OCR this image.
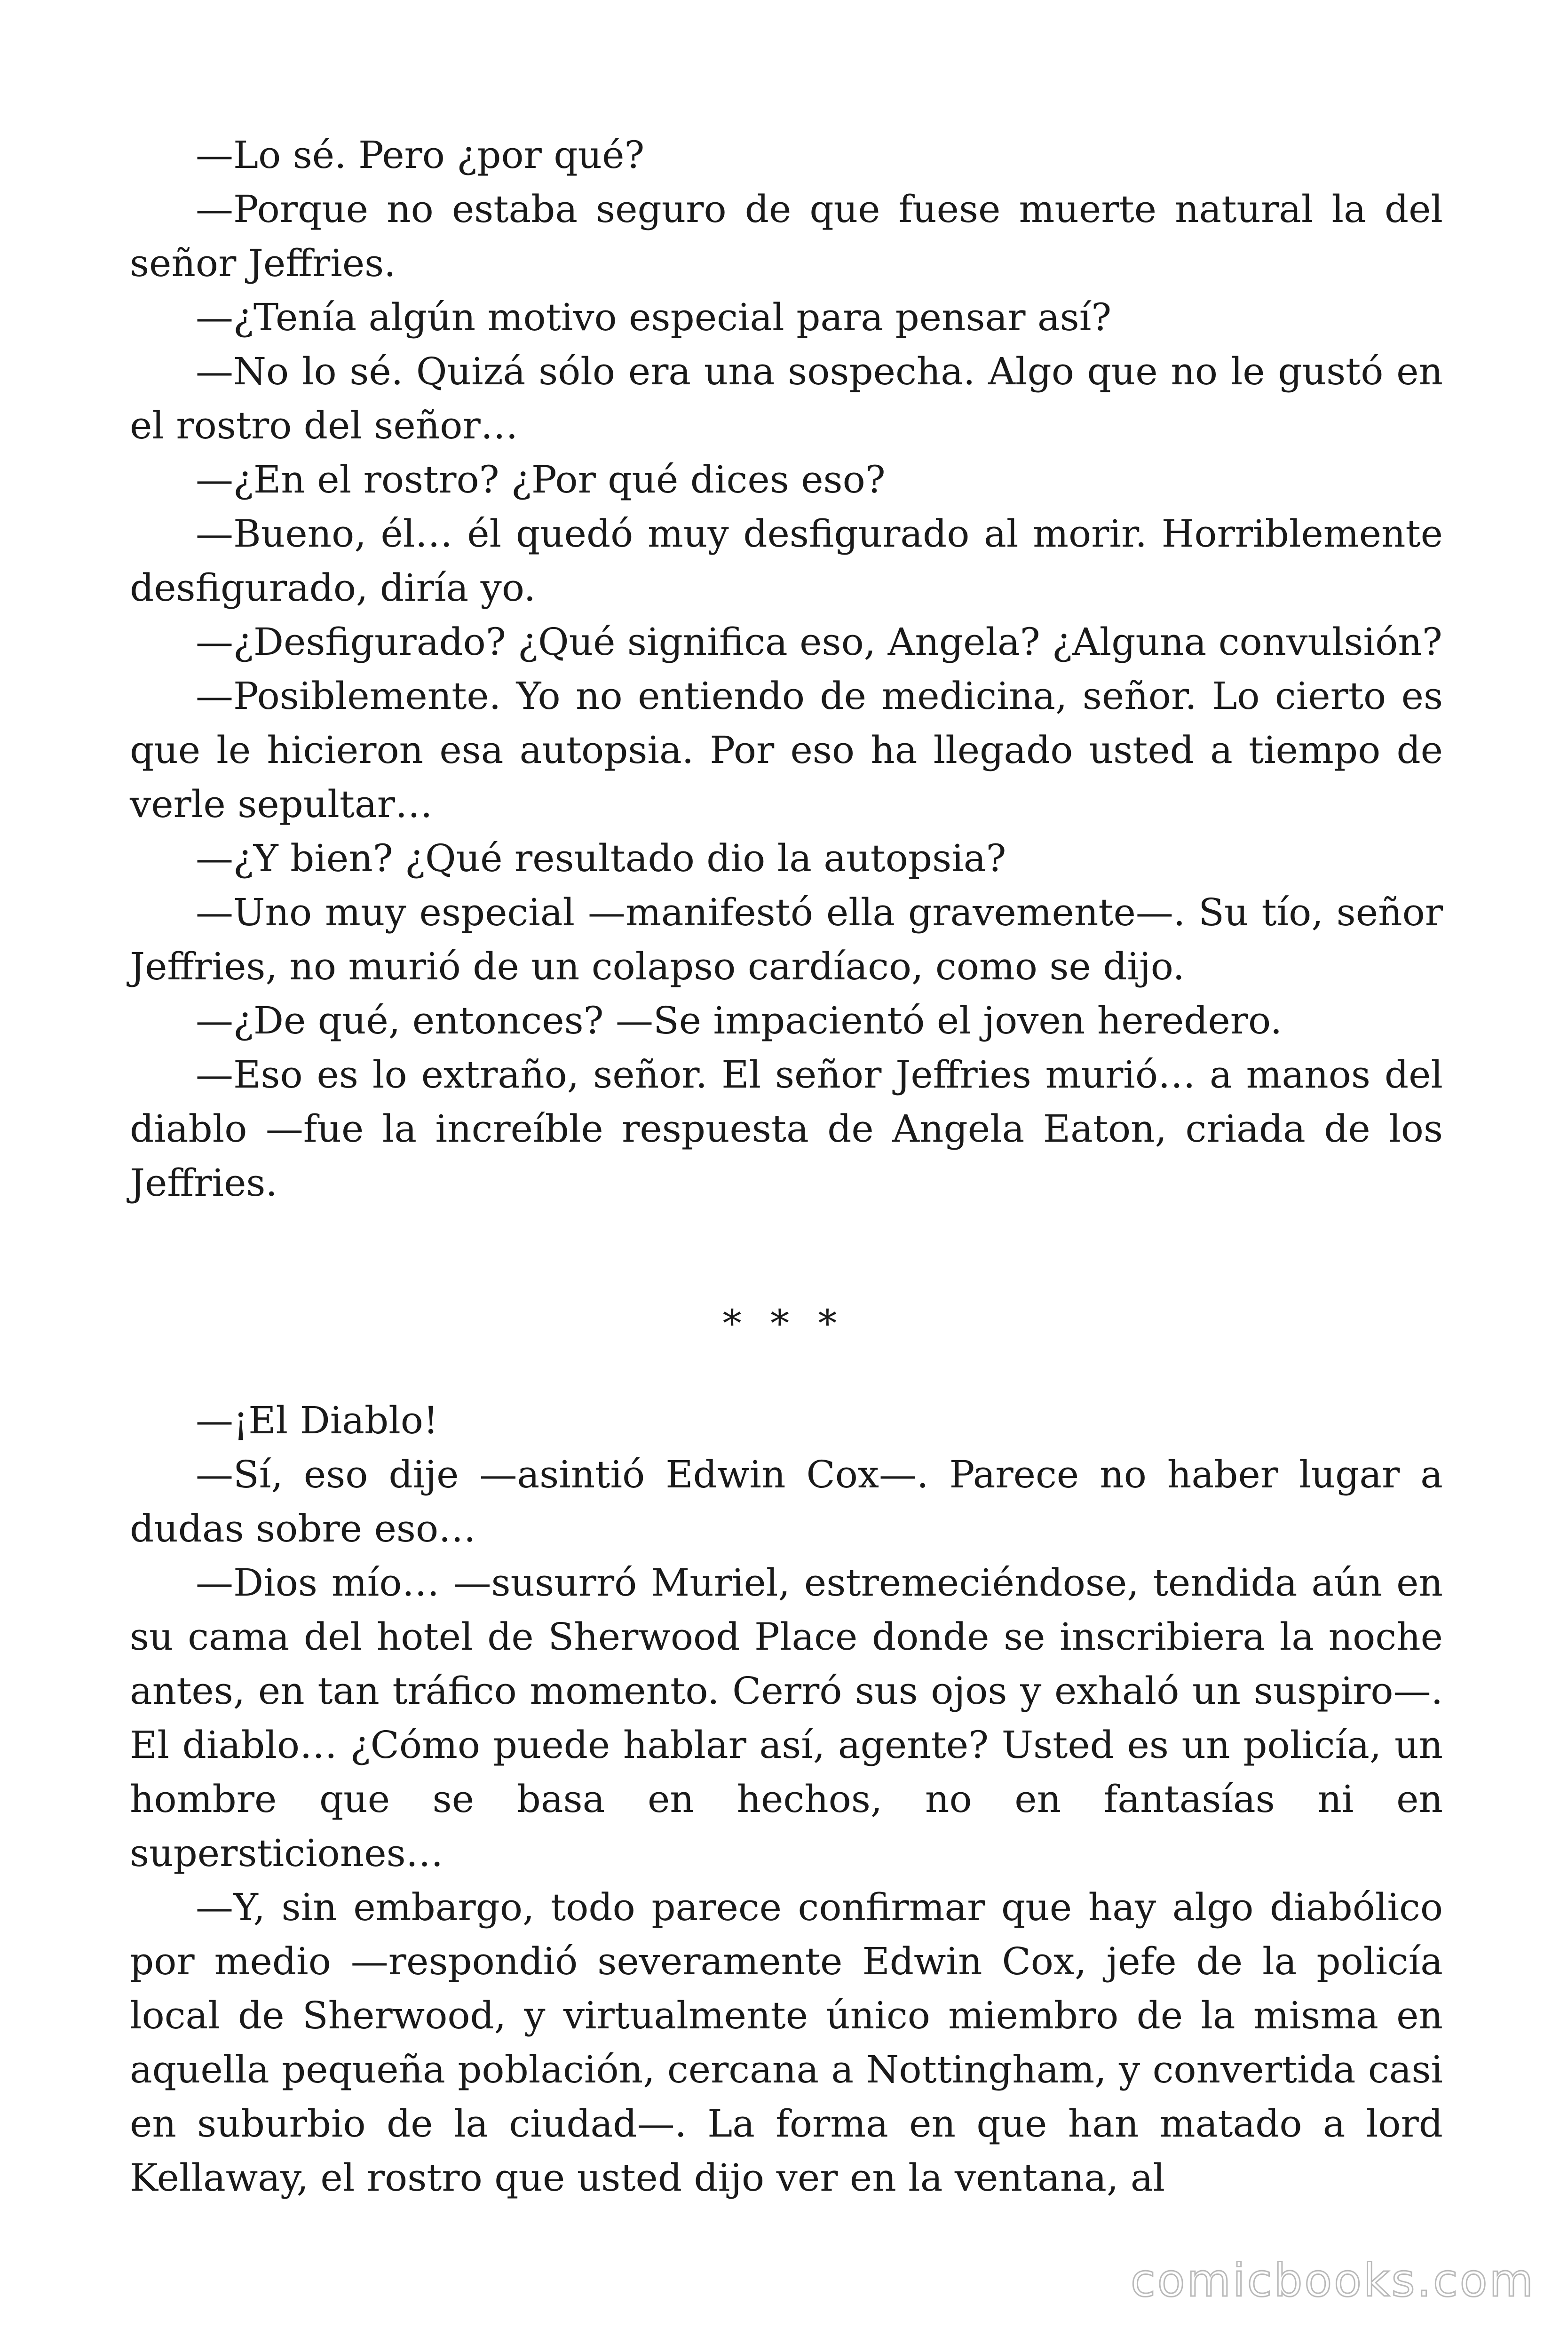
—Lo sé. Pero ¿por qué?

—Porque no estaba seguro de que fuese muerte natural la del señor Jeffries.

—¿Tenía algún motivo especial para pensar así?

—No lo sé. Quizá sólo era una sospecha. Algo que no le gustó en el rostro del señor…

—¿En el rostro? ¿Por qué dices eso?

—Bueno, él… él quedó muy desfigurado al morir. Horriblemente desfigurado, diría yo.

—¿Desfigurado? ¿Qué significa eso, Angela? ¿Alguna convulsión?

—Posiblemente. Yo no entiendo de medicina, señor. Lo cierto es que le hicieron esa autopsia. Por eso ha llegado usted a tiempo de verle sepultar…

—¿Y bien? ¿Qué resultado dio la autopsia?

—Uno muy especial —manifestó ella gravemente—. Su tío, señor Jeffries, no murió de un colapso cardíaco, como se dijo.

—¿De qué, entonces? —Se impacientó el joven heredero.

—Eso es lo extraño, señor. El señor Jeffries murió… a manos del diablo —fue la increíble respuesta de Angela Eaton, criada de los Jeffries.

* * *

—¡El Diablo!

—Sí, eso dije —asintió Edwin Cox—. Parece no haber lugar a dudas sobre eso…

—Dios mío… —susurró Muriel, estremeciéndose, tendida aún en su cama del hotel de Sherwood Place donde se inscribiera la noche antes, en tan tráfico momento. Cerró sus ojos y exhaló un suspiro—. El diablo… ¿Cómo puede hablar así, agente? Usted es un policía, un hombre que se basa en hechos, no en fantasías ni en supersticiones…

—Y, sin embargo, todo parece confirmar que hay algo diabólico por medio —respondió severamente Edwin Cox, jefe de la policía local de Sherwood, y virtualmente único miembro de la misma en aquella pequeña población, cercana a Nottingham, y convertida casi en suburbio de la ciudad—. La forma en que han matado a lord Kellaway, el rostro que usted dijo ver en la ventana, al

comicbooks.com
